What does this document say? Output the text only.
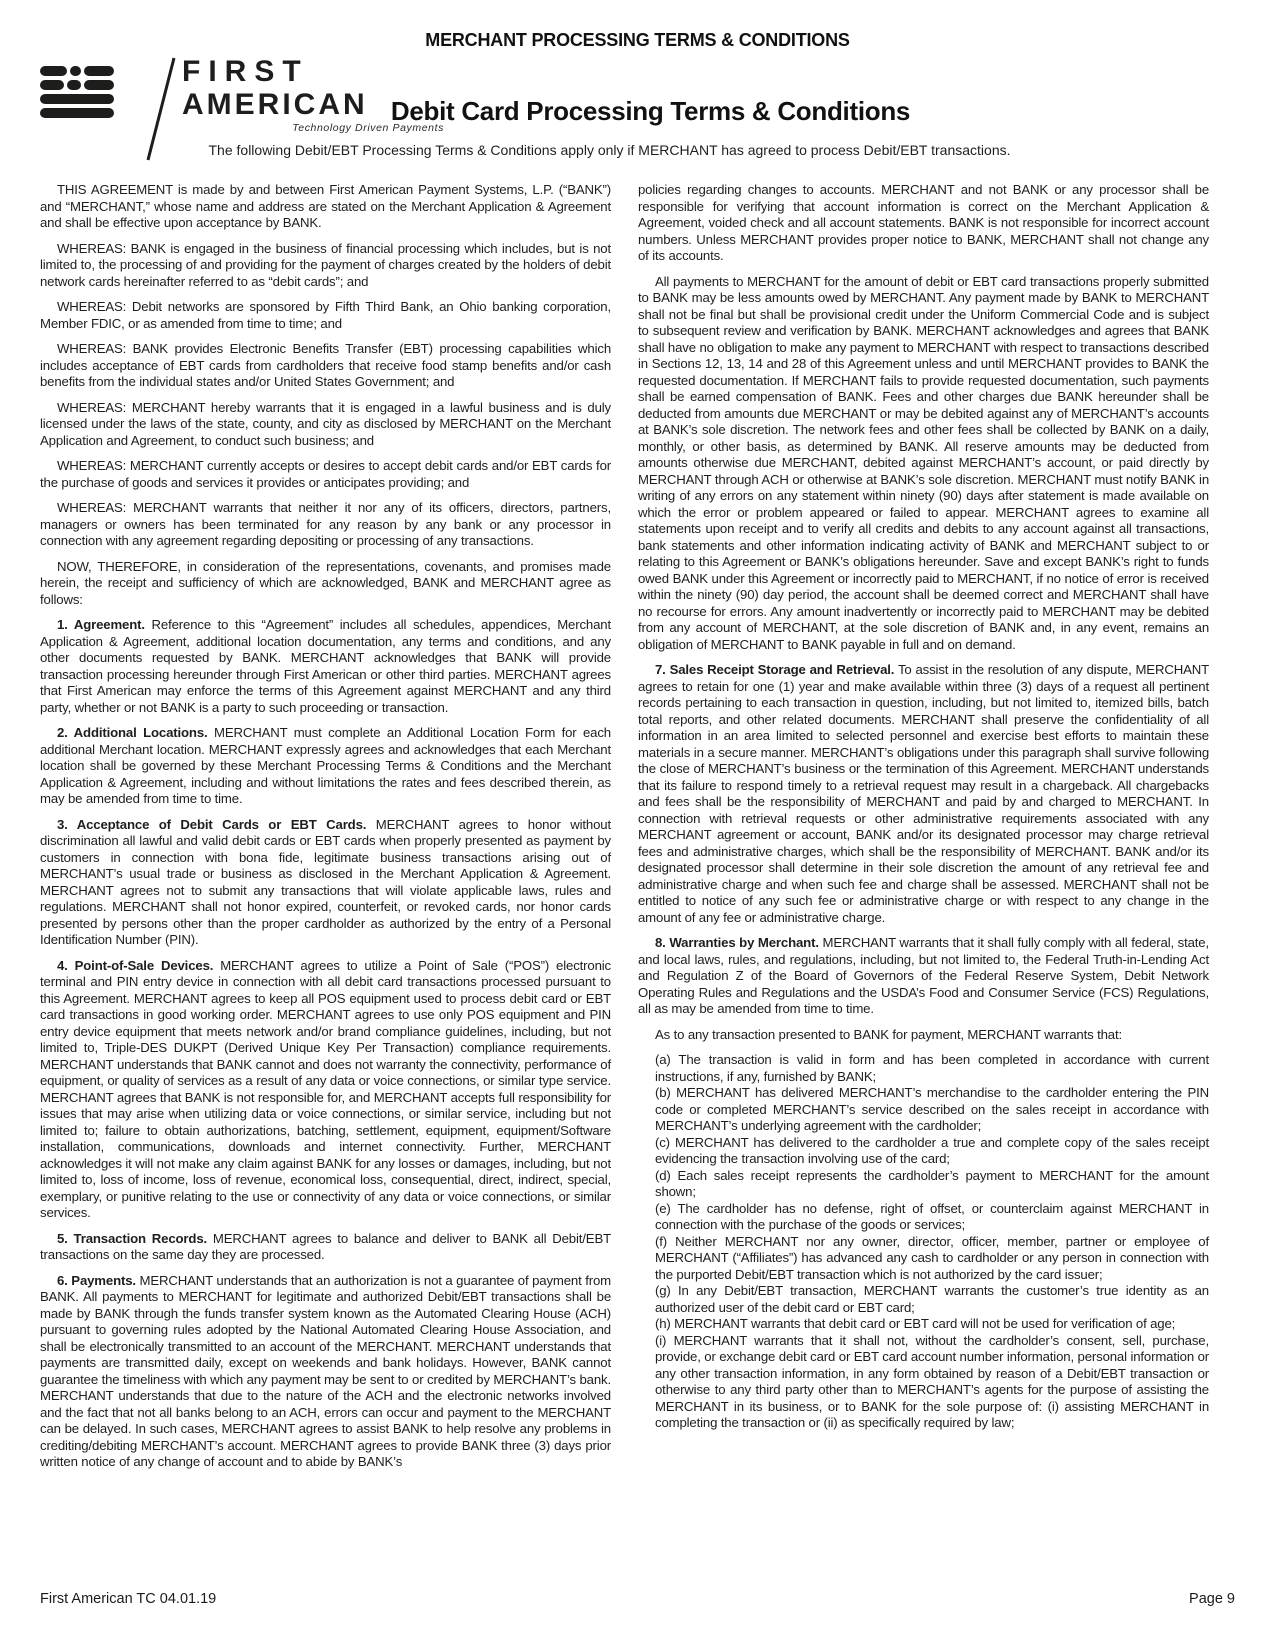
MERCHANT PROCESSING TERMS & CONDITIONS
FIRST
AMERICAN
Technology Driven Payments
Debit Card Processing Terms & Conditions
The following Debit/EBT Processing Terms & Conditions apply only if MERCHANT has agreed to process Debit/EBT transactions.

THIS AGREEMENT is made by and between First American Payment Systems, L.P. (“BANK”) and “MERCHANT,” whose name and address are stated on the Merchant Application & Agreement and shall be effective upon acceptance by BANK.

WHEREAS: BANK is engaged in the business of financial processing which includes, but is not limited to, the processing of and providing for the payment of charges created by the holders of debit network cards hereinafter referred to as “debit cards”; and

WHEREAS: Debit networks are sponsored by Fifth Third Bank, an Ohio banking corporation, Member FDIC, or as amended from time to time; and

WHEREAS: BANK provides Electronic Benefits Transfer (EBT) processing capabilities which includes acceptance of EBT cards from cardholders that receive food stamp benefits and/or cash benefits from the individual states and/or United States Government; and

WHEREAS: MERCHANT hereby warrants that it is engaged in a lawful business and is duly licensed under the laws of the state, county, and city as disclosed by MERCHANT on the Merchant Application and Agreement, to conduct such business; and

WHEREAS: MERCHANT currently accepts or desires to accept debit cards and/or EBT cards for the purchase of goods and services it provides or anticipates providing; and

WHEREAS: MERCHANT warrants that neither it nor any of its officers, directors, partners, managers or owners has been terminated for any reason by any bank or any processor in connection with any agreement regarding depositing or processing of any transactions.

NOW, THEREFORE, in consideration of the representations, covenants, and promises made herein, the receipt and sufficiency of which are acknowledged, BANK and MERCHANT agree as follows:

1. Agreement. Reference to this “Agreement” includes all schedules, appendices, Merchant Application & Agreement, additional location documentation, any terms and conditions, and any other documents requested by BANK. MERCHANT acknowledges that BANK will provide transaction processing hereunder through First American or other third parties. MERCHANT agrees that First American may enforce the terms of this Agreement against MERCHANT and any third party, whether or not BANK is a party to such proceeding or transaction.

2. Additional Locations. MERCHANT must complete an Additional Location Form for each additional Merchant location. MERCHANT expressly agrees and acknowledges that each Merchant location shall be governed by these Merchant Processing Terms & Conditions and the Merchant Application & Agreement, including and without limitations the rates and fees described therein, as may be amended from time to time.

3. Acceptance of Debit Cards or EBT Cards. MERCHANT agrees to honor without discrimination all lawful and valid debit cards or EBT cards when properly presented as payment by customers in connection with bona fide, legitimate business transactions arising out of MERCHANT’s usual trade or business as disclosed in the Merchant Application & Agreement. MERCHANT agrees not to submit any transactions that will violate applicable laws, rules and regulations. MERCHANT shall not honor expired, counterfeit, or revoked cards, nor honor cards presented by persons other than the proper cardholder as authorized by the entry of a Personal Identification Number (PIN).

4. Point-of-Sale Devices. MERCHANT agrees to utilize a Point of Sale (“POS”) electronic terminal and PIN entry device in connection with all debit card transactions processed pursuant to this Agreement. MERCHANT agrees to keep all POS equipment used to process debit card or EBT card transactions in good working order. MERCHANT agrees to use only POS equipment and PIN entry device equipment that meets network and/or brand compliance guidelines, including, but not limited to, Triple-DES DUKPT (Derived Unique Key Per Transaction) compliance requirements. MERCHANT understands that BANK cannot and does not warranty the connectivity, performance of equipment, or quality of services as a result of any data or voice connections, or similar type service. MERCHANT agrees that BANK is not responsible for, and MERCHANT accepts full responsibility for issues that may arise when utilizing data or voice connections, or similar service, including but not limited to; failure to obtain authorizations, batching, settlement, equipment, equipment/Software installation, communications, downloads and internet connectivity. Further, MERCHANT acknowledges it will not make any claim against BANK for any losses or damages, including, but not limited to, loss of income, loss of revenue, economical loss, consequential, direct, indirect, special, exemplary, or punitive relating to the use or connectivity of any data or voice connections, or similar services.

5. Transaction Records. MERCHANT agrees to balance and deliver to BANK all Debit/EBT transactions on the same day they are processed.

6. Payments. MERCHANT understands that an authorization is not a guarantee of payment from BANK. All payments to MERCHANT for legitimate and authorized Debit/EBT transactions shall be made by BANK through the funds transfer system known as the Automated Clearing House (ACH) pursuant to governing rules adopted by the National Automated Clearing House Association, and shall be electronically transmitted to an account of the MERCHANT. MERCHANT understands that payments are transmitted daily, except on weekends and bank holidays. However, BANK cannot guarantee the timeliness with which any payment may be sent to or credited by MERCHANT’s bank. MERCHANT understands that due to the nature of the ACH and the electronic networks involved and the fact that not all banks belong to an ACH, errors can occur and payment to the MERCHANT can be delayed. In such cases, MERCHANT agrees to assist BANK to help resolve any problems in crediting/debiting MERCHANT’s account. MERCHANT agrees to provide BANK three (3) days prior written notice of any change of account and to abide by BANK’s

policies regarding changes to accounts. MERCHANT and not BANK or any processor shall be responsible for verifying that account information is correct on the Merchant Application & Agreement, voided check and all account statements. BANK is not responsible for incorrect account numbers. Unless MERCHANT provides proper notice to BANK, MERCHANT shall not change any of its accounts.

All payments to MERCHANT for the amount of debit or EBT card transactions properly submitted to BANK may be less amounts owed by MERCHANT. Any payment made by BANK to MERCHANT shall not be final but shall be provisional credit under the Uniform Commercial Code and is subject to subsequent review and verification by BANK. MERCHANT acknowledges and agrees that BANK shall have no obligation to make any payment to MERCHANT with respect to transactions described in Sections 12, 13, 14 and 28 of this Agreement unless and until MERCHANT provides to BANK the requested documentation. If MERCHANT fails to provide requested documentation, such payments shall be earned compensation of BANK. Fees and other charges due BANK hereunder shall be deducted from amounts due MERCHANT or may be debited against any of MERCHANT’s accounts at BANK’s sole discretion. The network fees and other fees shall be collected by BANK on a daily, monthly, or other basis, as determined by BANK. All reserve amounts may be deducted from amounts otherwise due MERCHANT, debited against MERCHANT’s account, or paid directly by MERCHANT through ACH or otherwise at BANK’s sole discretion. MERCHANT must notify BANK in writing of any errors on any statement within ninety (90) days after statement is made available on which the error or problem appeared or failed to appear. MERCHANT agrees to examine all statements upon receipt and to verify all credits and debits to any account against all transactions, bank statements and other information indicating activity of BANK and MERCHANT subject to or relating to this Agreement or BANK’s obligations hereunder. Save and except BANK’s right to funds owed BANK under this Agreement or incorrectly paid to MERCHANT, if no notice of error is received within the ninety (90) day period, the account shall be deemed correct and MERCHANT shall have no recourse for errors. Any amount inadvertently or incorrectly paid to MERCHANT may be debited from any account of MERCHANT, at the sole discretion of BANK and, in any event, remains an obligation of MERCHANT to BANK payable in full and on demand.

7. Sales Receipt Storage and Retrieval. To assist in the resolution of any dispute, MERCHANT agrees to retain for one (1) year and make available within three (3) days of a request all pertinent records pertaining to each transaction in question, including, but not limited to, itemized bills, batch total reports, and other related documents. MERCHANT shall preserve the confidentiality of all information in an area limited to selected personnel and exercise best efforts to maintain these materials in a secure manner. MERCHANT’s obligations under this paragraph shall survive following the close of MERCHANT’s business or the termination of this Agreement. MERCHANT understands that its failure to respond timely to a retrieval request may result in a chargeback. All chargebacks and fees shall be the responsibility of MERCHANT and paid by and charged to MERCHANT. In connection with retrieval requests or other administrative requirements associated with any MERCHANT agreement or account, BANK and/or its designated processor may charge retrieval fees and administrative charges, which shall be the responsibility of MERCHANT. BANK and/or its designated processor shall determine in their sole discretion the amount of any retrieval fee and administrative charge and when such fee and charge shall be assessed. MERCHANT shall not be entitled to notice of any such fee or administrative charge or with respect to any change in the amount of any fee or administrative charge.

8. Warranties by Merchant. MERCHANT warrants that it shall fully comply with all federal, state, and local laws, rules, and regulations, including, but not limited to, the Federal Truth-in-Lending Act and Regulation Z of the Board of Governors of the Federal Reserve System, Debit Network Operating Rules and Regulations and the USDA’s Food and Consumer Service (FCS) Regulations, all as may be amended from time to time.

As to any transaction presented to BANK for payment, MERCHANT warrants that:

(a) The transaction is valid in form and has been completed in accordance with current instructions, if any, furnished by BANK;

(b) MERCHANT has delivered MERCHANT’s merchandise to the cardholder entering the PIN code or completed MERCHANT’s service described on the sales receipt in accordance with MERCHANT’s underlying agreement with the cardholder;

(c) MERCHANT has delivered to the cardholder a true and complete copy of the sales receipt evidencing the transaction involving use of the card;

(d) Each sales receipt represents the cardholder’s payment to MERCHANT for the amount shown;

(e) The cardholder has no defense, right of offset, or counterclaim against MERCHANT in connection with the purchase of the goods or services;

(f) Neither MERCHANT nor any owner, director, officer, member, partner or employee of MERCHANT (“Affiliates”) has advanced any cash to cardholder or any person in connection with the purported Debit/EBT transaction which is not authorized by the card issuer;

(g) In any Debit/EBT transaction, MERCHANT warrants the customer’s true identity as an authorized user of the debit card or EBT card;

(h) MERCHANT warrants that debit card or EBT card will not be used for verification of age;

(i) MERCHANT warrants that it shall not, without the cardholder’s consent, sell, purchase, provide, or exchange debit card or EBT card account number information, personal information or any other transaction information, in any form obtained by reason of a Debit/EBT transaction or otherwise to any third party other than to MERCHANT’s agents for the purpose of assisting the MERCHANT in its business, or to BANK for the sole purpose of: (i) assisting MERCHANT in completing the transaction or (ii) as specifically required by law;

First American TC 04.01.19	Page 9
